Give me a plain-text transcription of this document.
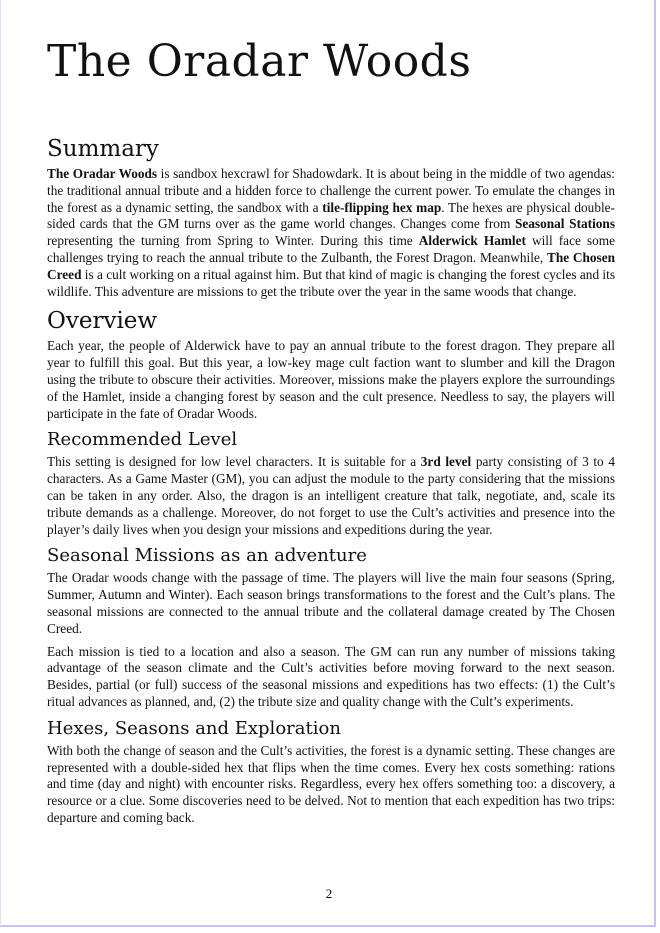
The Oradar Woods
Summary

The Oradar Woods is sandbox hexcrawl for Shadowdark. It is about being in the middle of two agendas: the traditional annual tribute and a hidden force to challenge the current power. To emulate the changes in the forest as a dynamic setting, the sandbox with a tile-flipping hex map. The hexes are physical double-sided cards that the GM turns over as the game world changes. Changes come from Seasonal Stations representing the turning from Spring to Winter. During this time Alderwick Hamlet will face some challenges trying to reach the annual tribute to the Zulbanth, the Forest Dragon. Meanwhile, The Chosen Creed is a cult working on a ritual against him. But that kind of magic is changing the forest cycles and its wildlife. This adventure are missions to get the tribute over the year in the same woods that change.

Overview

Each year, the people of Alderwick have to pay an annual tribute to the forest dragon. They prepare all year to fulfill this goal. But this year, a low-key mage cult faction want to slumber and kill the Dragon using the tribute to obscure their activities. Moreover, missions make the players explore the surroundings of the Hamlet, inside a changing forest by season and the cult presence. Needless to say, the players will participate in the fate of Oradar Woods.

Recommended Level

This setting is designed for low level characters. It is suitable for a 3rd level party consisting of 3 to 4 characters. As a Game Master (GM), you can adjust the module to the party considering that the missions can be taken in any order. Also, the dragon is an intelligent creature that talk, negotiate, and, scale its tribute demands as a challenge. Moreover, do not forget to use the Cult’s activities and presence into the player’s daily lives when you design your missions and expeditions during the year.

Seasonal Missions as an adventure

The Oradar woods change with the passage of time. The players will live the main four seasons (Spring, Summer, Autumn and Winter). Each season brings transformations to the forest and the Cult’s plans. The seasonal missions are connected to the annual tribute and the collateral damage created by The Chosen Creed.

Each mission is tied to a location and also a season. The GM can run any number of missions taking advantage of the season climate and the Cult’s activities before moving forward to the next season. Besides, partial (or full) success of the seasonal missions and expeditions has two effects: (1) the Cult’s ritual advances as planned, and, (2) the tribute size and quality change with the Cult’s experiments.

Hexes, Seasons and Exploration

With both the change of season and the Cult’s activities, the forest is a dynamic setting. These changes are represented with a double-sided hex that flips when the time comes. Every hex costs something: rations and time (day and night) with encounter risks. Regardless, every hex offers something too: a discovery, a resource or a clue. Some discoveries need to be delved. Not to mention that each expedition has two trips: departure and coming back.

2
